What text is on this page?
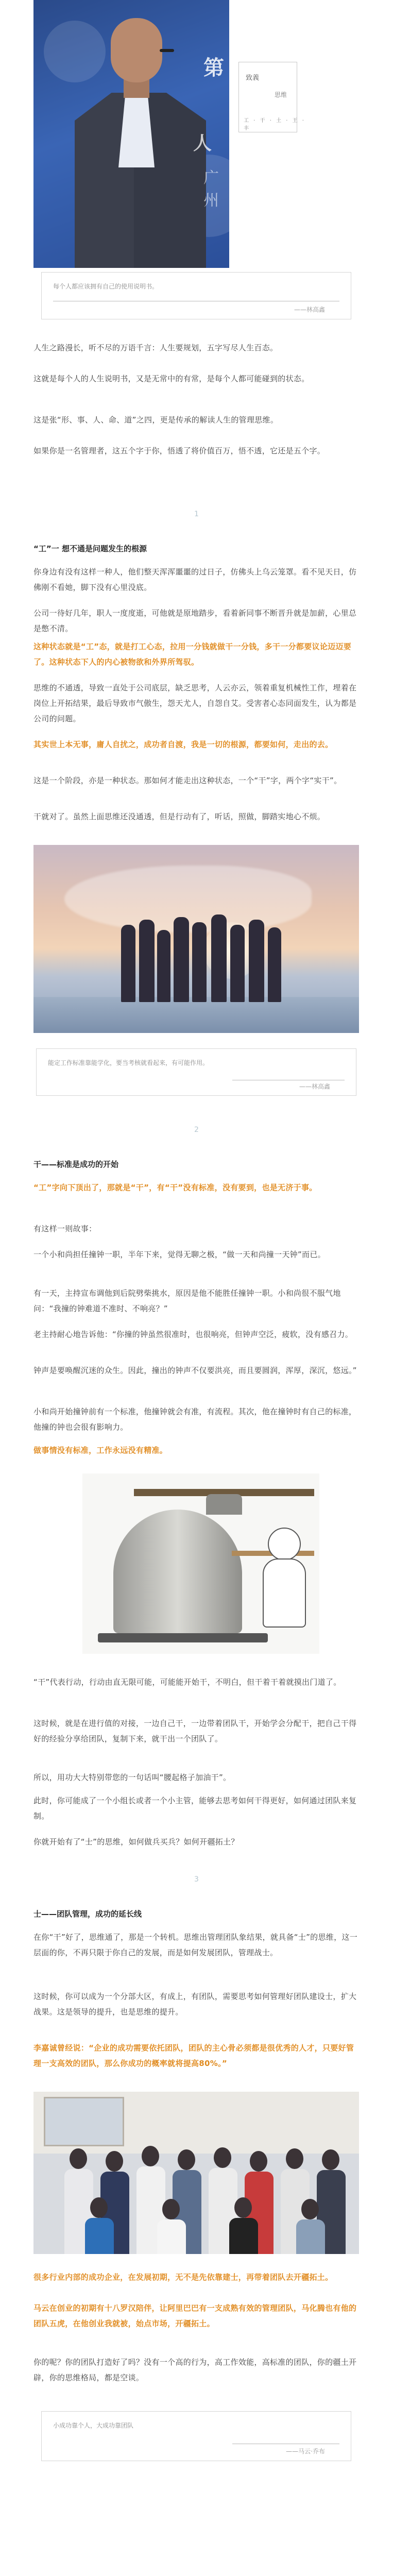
第
人
广州
致義
思维
工 · 干 · 土 · 王 · 丰
每个人都应该拥有自己的使用说明书。
——林高鑫

人生之路漫长，听不尽的万语千言：人生要规划，五字写尽人生百态。

这就是每个人的人生说明书，又是无常中的有常，是每个人都可能碰到的状态。

这是张“形、事、人、命、道”之四，更是传承的解读人生的管理思维。

如果你是一名管理者，这五个字于你，悟透了将价值百万，悟不透，它还是五个字。

1

“工”一 想不通是问题发生的根源

你身边有没有这样一种人，他们整天浑浑噩噩的过日子，仿佛头上乌云笼罩。看不见天日，仿佛刚不看她，脚下没有心里没底。

公司一待好几年，职人一度度逝，可他就是原地踏步，看着新同事不断晋升就是加薪，心里总是憋不清。

这种状态就是“工”态，就是打工心态，拉用一分钱就做干一分钱，多干一分都要议论迈迈要了。这种状态下人的内心被物欲和外界所驾驭。

思维的不通透，导致一直处于公司底层，缺乏思考，人云亦云，领着重复机械性工作，埋着在岗位上开拓结果，最后导致市气傲生，怨天尤人，自怨自艾。受害者心态同面发生，认为都是公司的问题。

其实世上本无事，庸人自扰之，成功者自渡，我是一切的根源，都要如何，走出的去。

这是一个阶段，亦是一种状态。那如何才能走出这种状态，一个“干”字，两个字“实干”。

干就对了。虽然上面思维还没通透，但是行动有了，听话，照做，脚踏实地心不烦。

能定工作标准靠能学化，要当考核就看起来，有可能作用。
——林高鑫
2

干——标准是成功的开始

“工”字向下顶出了，那就是“干”，有“干”没有标准，没有要到，也是无济于事。

有这样一则故事：

一个小和尚担任撞钟一职，半年下来，觉得无聊之极，“做一天和尚撞一天钟”而已。

有一天，主持宣布调他到后院劈柴挑水，原因是他不能胜任撞钟一职。小和尚很不服气地问：“我撞的钟难道不准时、不响亮？”

老主持耐心地告诉他：“你撞的钟虽然很准时，也很响亮，但钟声空泛，疲软，没有感召力。

钟声是要唤醒沉迷的众生。因此，撞出的钟声不仅要洪亮，而且要圆润，浑厚，深沉，悠远。”

小和尚开始撞钟前有一个标准，他撞钟就会有准，有流程。其次，他在撞钟时有自己的标准，他撞的钟也会很有影响力。

做事情没有标准，工作永远没有精准。

“干”代表行动，行动由直无限可能，可能能开始干，不明白，但干着干着就摸出门道了。

这时候，就是在进行值的对接，一边自己干，一边带着团队干，开始学会分配干，把自己干得好的经验分享给团队，复制下来，就干出一个团队了。

所以，用功大大特别带您的一句话叫“腰起格子加油干”。

此时，你可能成了一个小组长或者一个小主管，能够去思考如何干得更好，如何通过团队来复制。

你就开始有了“士”的思维，如何做兵买兵？如何开疆拓土？

3

士——团队管理，成功的延长线

在你“干”好了，思维通了，那是一个转机。思维出管理团队象结果，就具备“士”的思维，这一层面的你，不再只限于你自己的发展，而是如何发展团队，管理战士。

这时候，你可以成为一个分部大区，有成上，有团队，需要思考如何管理好团队建设士，扩大战果。这是领导的提升，也是思维的提升。

李嘉诚曾经说：“企业的成功需要依托团队，团队的主心骨必须都是很优秀的人才，只要好管理一支高效的团队，那么你成功的概率就将提高80%。”

很多行业内部的成功企业，在发展初期，无不是先依靠建士，再带着团队去开疆拓土。

马云在创业的初期有十八罗汉陪伴，让阿里巴巴有一支成熟有效的管理团队，马化腾也有他的团队五虎，在他创业我就被，始点市场，开疆拓土。

你的呢？你的团队打造好了吗？没有一个高的行为，高工作效能，高标准的团队，你的疆土开辟，你的思维格局，都是空谈。

小成功靠个人，大成功靠团队
——马云·乔布
